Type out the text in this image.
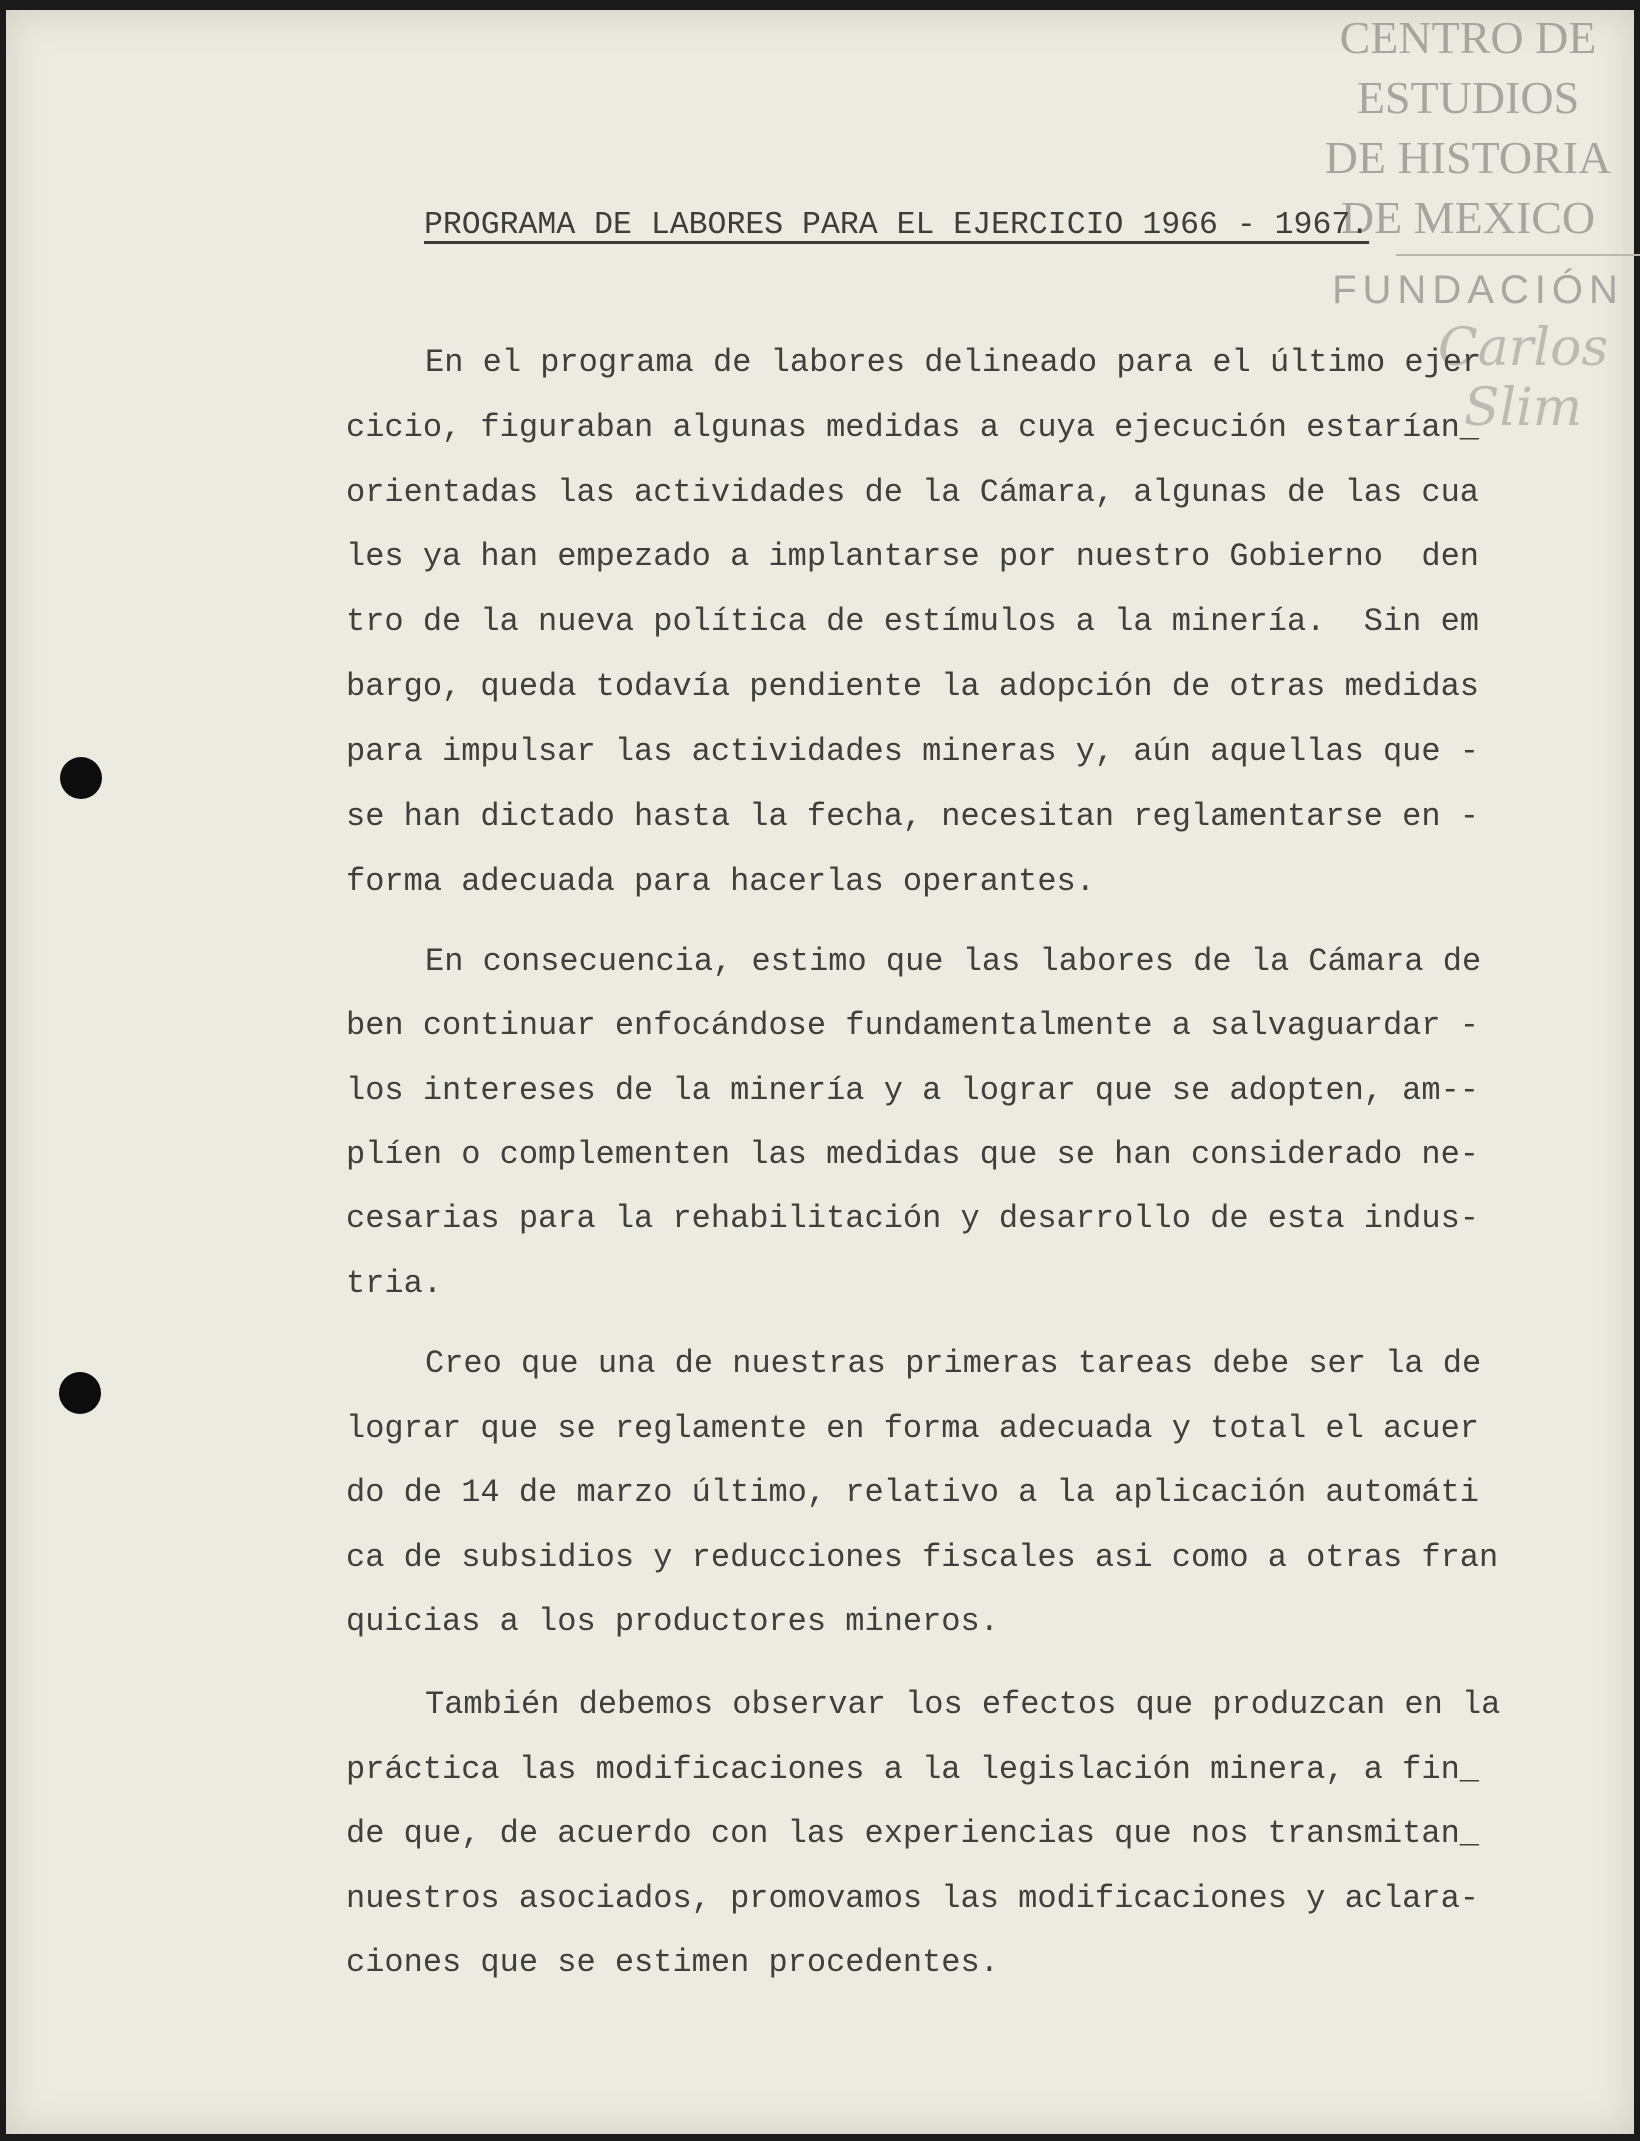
CENTRO DE
ESTUDIOS
DE HISTORIA
DE MEXICO
FUNDACIÓN
Carlos Slim
PROGRAMA DE LABORES PARA EL EJERCICIO 1966 - 1967.
En el programa de labores delineado para el último ejer
cicio, figuraban algunas medidas a cuya ejecución estarían_
orientadas las actividades de la Cámara, algunas de las cua
les ya han empezado a implantarse por nuestro Gobierno  den
tro de la nueva política de estímulos a la minería.  Sin em
bargo, queda todavía pendiente la adopción de otras medidas
para impulsar las actividades mineras y, aún aquellas que -
se han dictado hasta la fecha, necesitan reglamentarse en -
forma adecuada para hacerlas operantes.
En consecuencia, estimo que las labores de la Cámara de
ben continuar enfocándose fundamentalmente a salvaguardar -
los intereses de la minería y a lograr que se adopten, am--
plíen o complementen las medidas que se han considerado ne-
cesarias para la rehabilitación y desarrollo de esta indus-
tria.
Creo que una de nuestras primeras tareas debe ser la de
lograr que se reglamente en forma adecuada y total el acuer
do de 14 de marzo último, relativo a la aplicación automáti
ca de subsidios y reducciones fiscales asi como a otras fran
quicias a los productores mineros.
También debemos observar los efectos que produzcan en la
práctica las modificaciones a la legislación minera, a fin_
de que, de acuerdo con las experiencias que nos transmitan_
nuestros asociados, promovamos las modificaciones y aclara-
ciones que se estimen procedentes.
